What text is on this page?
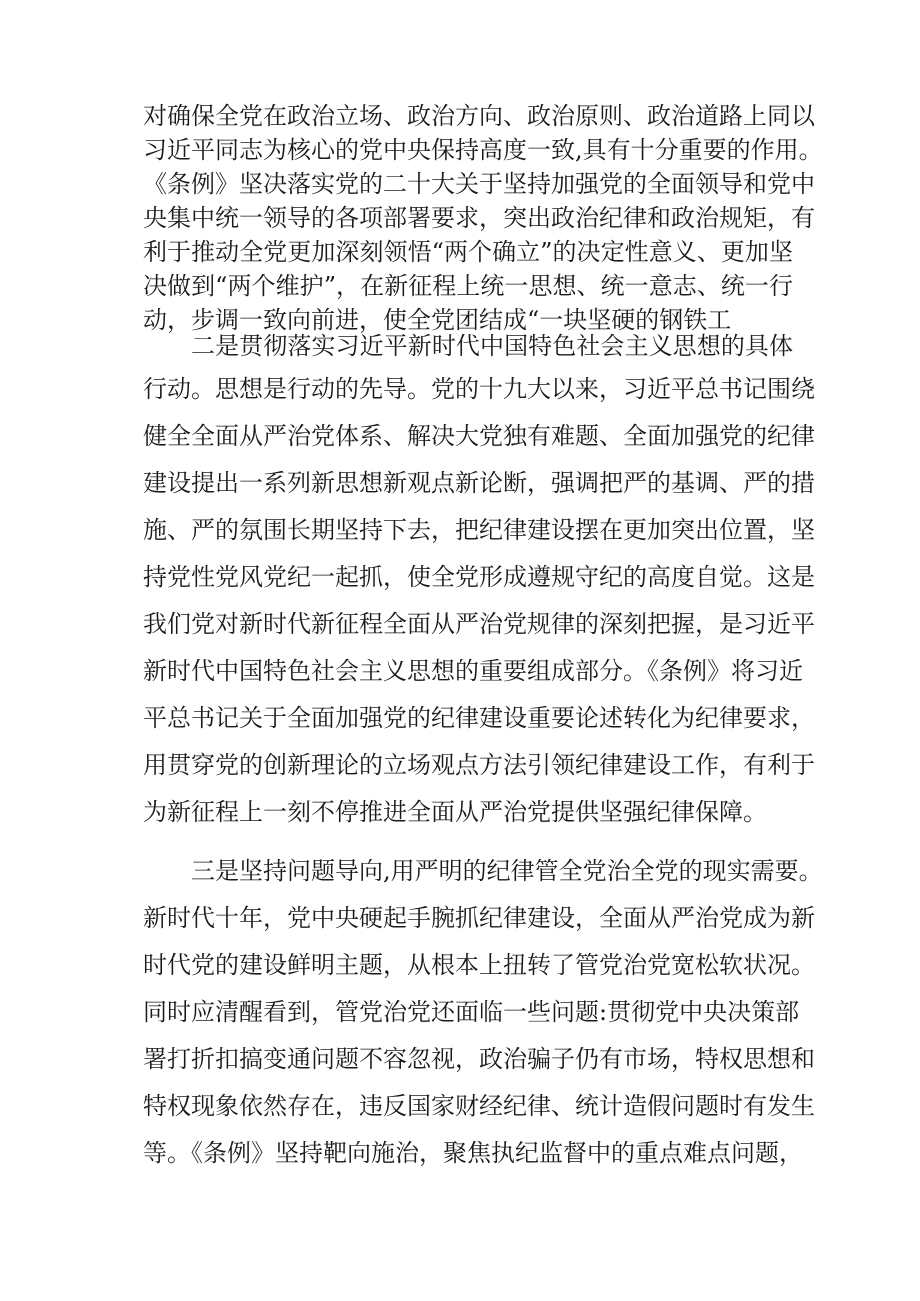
对确保全党在政治立场、政治方向、政治原则、政治道路上同以
习近平同志为核心的党中央保持高度一致,具有十分重要的作用。
《条例》坚决落实党的二十大关于坚持加强党的全面领导和党中
央集中统一领导的各项部署要求，突出政治纪律和政治规矩，有
利于推动全党更加深刻领悟“两个确立”的决定性意义、更加坚
决做到“两个维护”，在新征程上统一思想、统一意志、统一行
动，步调一致向前进，使全党团结成“一块坚硬的钢铁工
二是贯彻落实习近平新时代中国特色社会主义思想的具体
行动。思想是行动的先导。党的十九大以来，习近平总书记围绕
健全全面从严治党体系、解决大党独有难题、全面加强党的纪律
建设提出一系列新思想新观点新论断，强调把严的基调、严的措
施、严的氛围长期坚持下去，把纪律建设摆在更加突出位置，坚
持党性党风党纪一起抓，使全党形成遵规守纪的高度自觉。这是
我们党对新时代新征程全面从严治党规律的深刻把握，是习近平
新时代中国特色社会主义思想的重要组成部分。《条例》将习近
平总书记关于全面加强党的纪律建设重要论述转化为纪律要求，
用贯穿党的创新理论的立场观点方法引领纪律建设工作，有利于
为新征程上一刻不停推进全面从严治党提供坚强纪律保障。
三是坚持问题导向,用严明的纪律管全党治全党的现实需要。
新时代十年，党中央硬起手腕抓纪律建设，全面从严治党成为新
时代党的建设鲜明主题，从根本上扭转了管党治党宽松软状况。
同时应清醒看到，管党治党还面临一些问题:贯彻党中央决策部
署打折扣搞变通问题不容忽视，政治骗子仍有市场，特权思想和
特权现象依然存在，违反国家财经纪律、统计造假问题时有发生
等。《条例》坚持靶向施治，聚焦执纪监督中的重点难点问题，
